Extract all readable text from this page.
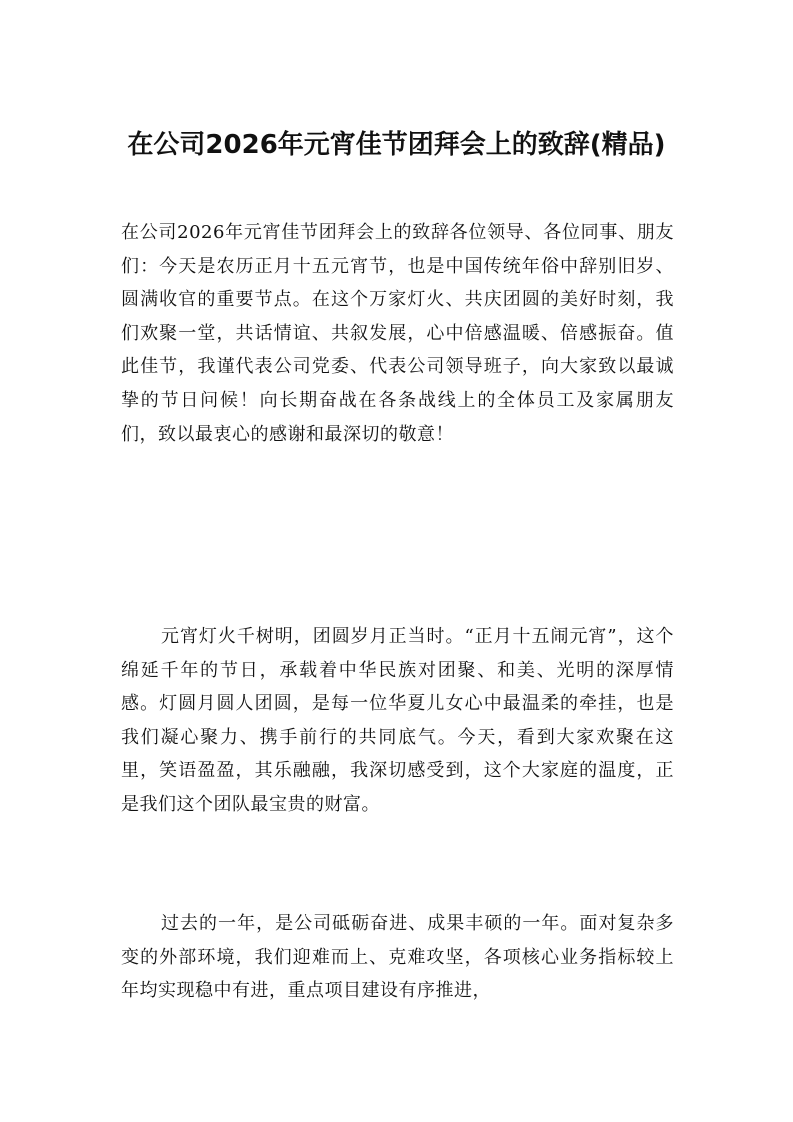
在公司2026年元宵佳节团拜会上的致辞(精品)

在公司2026年元宵佳节团拜会上的致辞各位领导、各位同事、朋友们：今天是农历正月十五元宵节，也是中国传统年俗中辞别旧岁、圆满收官的重要节点。在这个万家灯火、共庆团圆的美好时刻，我们欢聚一堂，共话情谊、共叙发展，心中倍感温暖、倍感振奋。值此佳节，我谨代表公司党委、代表公司领导班子，向大家致以最诚挚的节日问候！向长期奋战在各条战线上的全体员工及家属朋友们，致以最衷心的感谢和最深切的敬意！

元宵灯火千树明，团圆岁月正当时。“正月十五闹元宵”，这个绵延千年的节日，承载着中华民族对团聚、和美、光明的深厚情感。灯圆月圆人团圆，是每一位华夏儿女心中最温柔的牵挂，也是我们凝心聚力、携手前行的共同底气。今天，看到大家欢聚在这里，笑语盈盈，其乐融融，我深切感受到，这个大家庭的温度，正是我们这个团队最宝贵的财富。

过去的一年，是公司砥砺奋进、成果丰硕的一年。面对复杂多变的外部环境，我们迎难而上、克难攻坚，各项核心业务指标较上年均实现稳中有进，重点项目建设有序推进，
